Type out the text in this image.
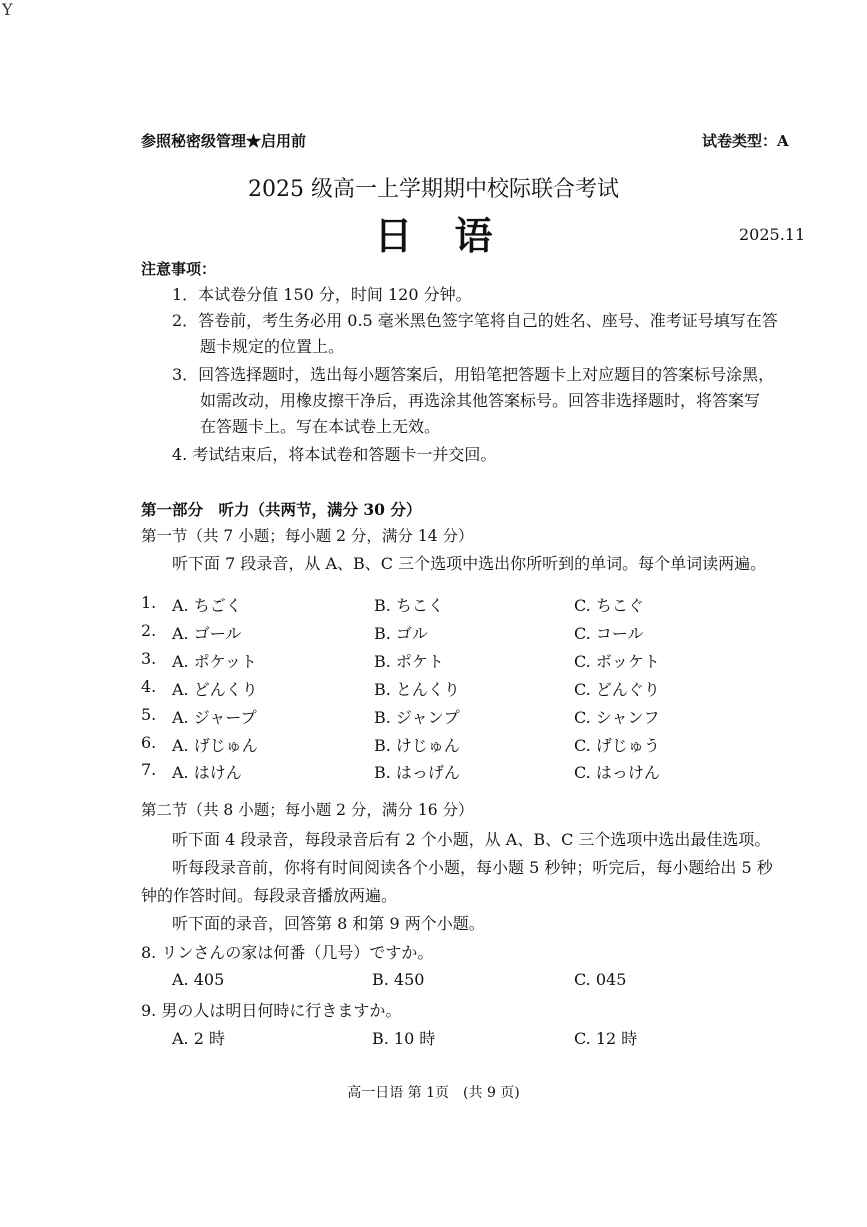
Y
参照秘密级管理★启用前	试卷类型：A
2025 级高一上学期期中校际联合考试
日语	2025.11
注意事项：
1．本试卷分值 150 分，时间 120 分钟。
2．答卷前，考生务必用 0.5 毫米黑色签字笔将自己的姓名、座号、准考证号填写在答
题卡规定的位置上。
3．回答选择题时，选出每小题答案后，用铅笔把答题卡上对应题目的答案标号涂黑，
如需改动，用橡皮擦干净后，再选涂其他答案标号。回答非选择题时，将答案写
在答题卡上。写在本试卷上无效。
4. 考试结束后，将本试卷和答题卡一并交回。
第一部分　听力（共两节，满分 30 分）
第一节（共 7 小题；每小题 2 分，满分 14 分）
听下面 7 段录音，从 A、B、C 三个选项中选出你所听到的单词。每个单词读两遍。
1. A. ちごく	B. ちこく	C. ちこぐ
2. A. ゴール	B. ゴル	C. コール
3. A. ポケット	B. ポケト	C. ボッケト
4. A. どんくり	B. とんくり	C. どんぐり
5. A. ジャープ	B. ジャンプ	C. シャンフ
6. A. げじゅん	B. けじゅん	C. げじゅう
7. A. はけん	B. はっげん	C. はっけん
第二节（共 8 小题；每小题 2 分，满分 16 分）
听下面 4 段录音，每段录音后有 2 个小题，从 A、B、C 三个选项中选出最佳选项。
听每段录音前，你将有时间阅读各个小题，每小题 5 秒钟；听完后，每小题给出 5 秒
钟的作答时间。每段录音播放两遍。
听下面的录音，回答第 8 和第 9 两个小题。
8. リンさんの家は何番（几号）ですか。
A. 405	B. 450	C. 045
9. 男の人は明日何時に行きますか。
A. 2 時	B. 10 時	C. 12 時
高一日语 第 1页　(共 9 页)
